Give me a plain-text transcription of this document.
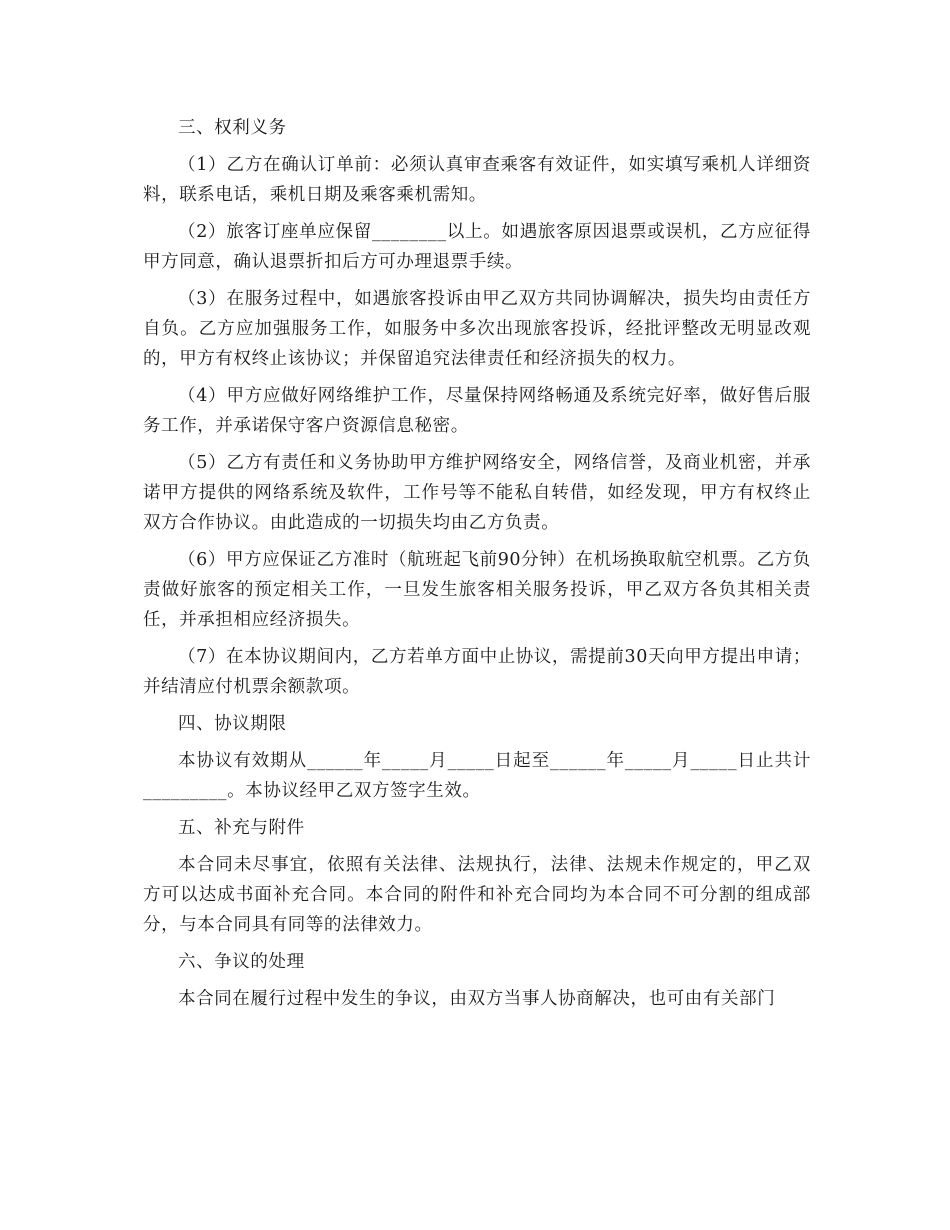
三、权利义务

（1）乙方在确认订单前：必须认真审查乘客有效证件，如实填写乘机人详细资料，联系电话，乘机日期及乘客乘机需知。

（2）旅客订座单应保留________以上。如遇旅客原因退票或误机，乙方应征得甲方同意，确认退票折扣后方可办理退票手续。

（3）在服务过程中，如遇旅客投诉由甲乙双方共同协调解决，损失均由责任方自负。乙方应加强服务工作，如服务中多次出现旅客投诉，经批评整改无明显改观的，甲方有权终止该协议；并保留追究法律责任和经济损失的权力。

（4）甲方应做好网络维护工作，尽量保持网络畅通及系统完好率，做好售后服务工作，并承诺保守客户资源信息秘密。

（5）乙方有责任和义务协助甲方维护网络安全，网络信誉，及商业机密，并承诺甲方提供的网络系统及软件，工作号等不能私自转借，如经发现，甲方有权终止双方合作协议。由此造成的一切损失均由乙方负责。

（6）甲方应保证乙方准时（航班起飞前90分钟）在机场换取航空机票。乙方负责做好旅客的预定相关工作，一旦发生旅客相关服务投诉，甲乙双方各负其相关责任，并承担相应经济损失。

（7）在本协议期间内，乙方若单方面中止协议，需提前30天向甲方提出申请；并结清应付机票余额款项。

四、协议期限

本协议有效期从______年_____月_____日起至______年_____月_____日止共计_________。本协议经甲乙双方签字生效。

五、补充与附件

本合同未尽事宜，依照有关法律、法规执行，法律、法规未作规定的，甲乙双方可以达成书面补充合同。本合同的附件和补充合同均为本合同不可分割的组成部分，与本合同具有同等的法律效力。

六、争议的处理

本合同在履行过程中发生的争议，由双方当事人协商解决，也可由有关部门
